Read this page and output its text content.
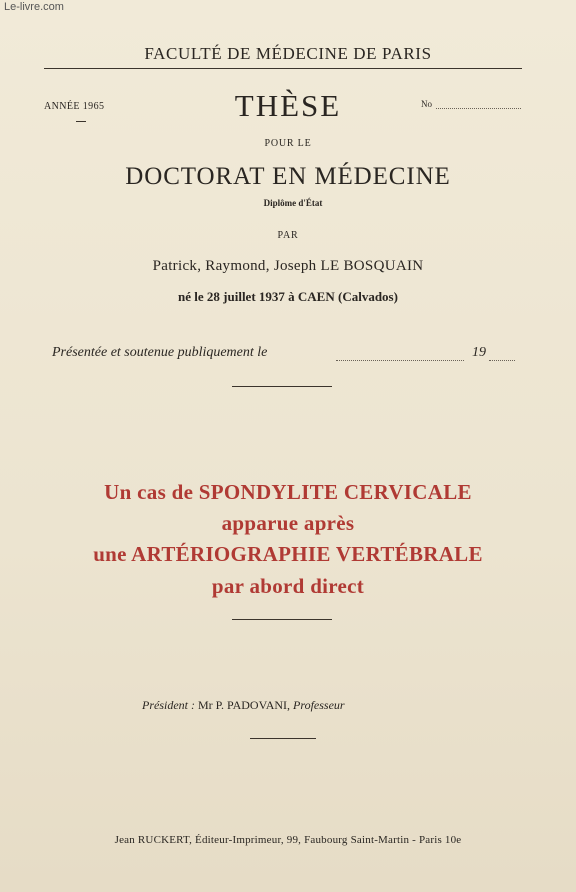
Le-livre.com
FACULTÉ DE MÉDECINE DE PARIS
ANNÉE 1965	No
THÈSE
POUR LE
DOCTORAT EN MÉDECINE
Diplôme d'État
PAR
Patrick, Raymond, Joseph LE BOSQUAIN
né le 28 juillet 1937 à CAEN (Calvados)
Présentée et soutenue publiquement le	19
Un cas de SPONDYLITE CERVICALE
apparue après
une ARTÉRIOGRAPHIE VERTÉBRALE
par abord direct
Président : Mr P. PADOVANI, Professeur
Jean RUCKERT, Éditeur-Imprimeur, 99, Faubourg Saint-Martin - Paris 10e
